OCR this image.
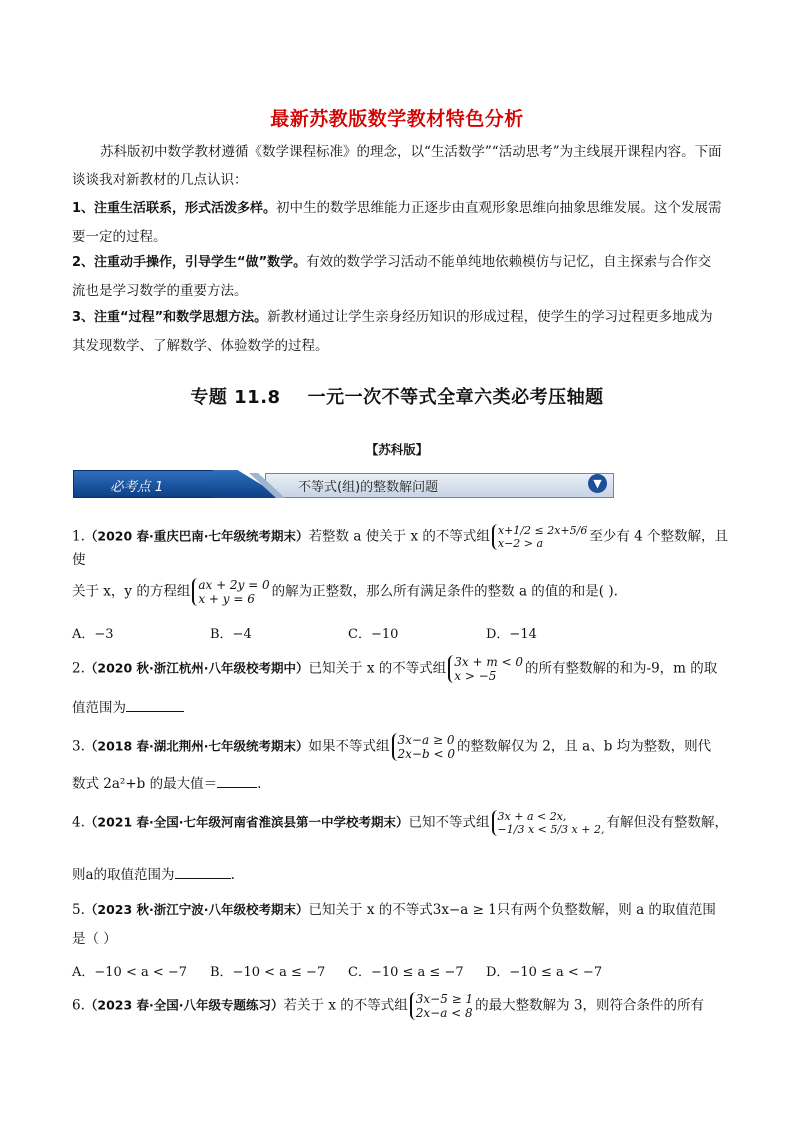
最新苏教版数学教材特色分析
苏科版初中数学教材遵循《数学课程标准》的理念，以“生活数学”“活动思考”为主线展开课程内容。下面谈谈我对新教材的几点认识：
1、注重生活联系，形式活泼多样。初中生的数学思维能力正逐步由直观形象思维向抽象思维发展。这个发展需要一定的过程。
2、注重动手操作，引导学生“做”数学。有效的数学学习活动不能单纯地依赖模仿与记忆，自主探索与合作交流也是学习数学的重要方法。
3、注重“过程”和数学思想方法。新教材通过让学生亲身经历知识的形成过程，使学生的学习过程更多地成为其发现数学、了解数学、体验数学的过程。
专题 11.8    一元一次不等式全章六类必考压轴题
【苏科版】
必考点 1	不等式(组)的整数解问题	▼
1.（2020 春·重庆巴南·七年级统考期末）若整数 a 使关于 x 的不等式组 x+1/2 ≤ 2x+5/6
x−2 > a	至少有 4 个整数解，且使
关于 x，y 的方程组 ax + 2y = 0
x + y = 6	的解为正整数，那么所有满足条件的整数 a 的值的和是( ).
A．−3	B．−4	C．−10	D．−14
2.（2020 秋·浙江杭州·八年级校考期中）已知关于 x 的不等式组 3x + m < 0
x > −5	的所有整数解的和为-9，m 的取
值范围为
3.（2018 春·湖北荆州·七年级统考期末）如果不等式组 3x−a ≥ 0
2x−b < 0 的整数解仅为 2，且 a、b 均为整数，则代
数式 2a²+b 的最大值＝	.
4.（2021 春·全国·七年级河南省淮滨县第一中学校考期末）已知不等式组 3x + a < 2x,
−1/3 x < 5/3 x + 2, 有解但没有整数解，
则a的取值范围为	.
5.（2023 秋·浙江宁波·八年级校考期末）已知关于 x 的不等式3x−a ≥ 1只有两个负整数解，则 a 的取值范围
是（ ）
A．−10 < a < −7 B．−10 < a ≤ −7 C．−10 ≤ a ≤ −7 D．−10 ≤ a < −7
6.（2023 春·全国·八年级专题练习）若关于 x 的不等式组 3x−5 ≥ 1
2x−a < 8 的最大整数解为 3，则符合条件的所有
